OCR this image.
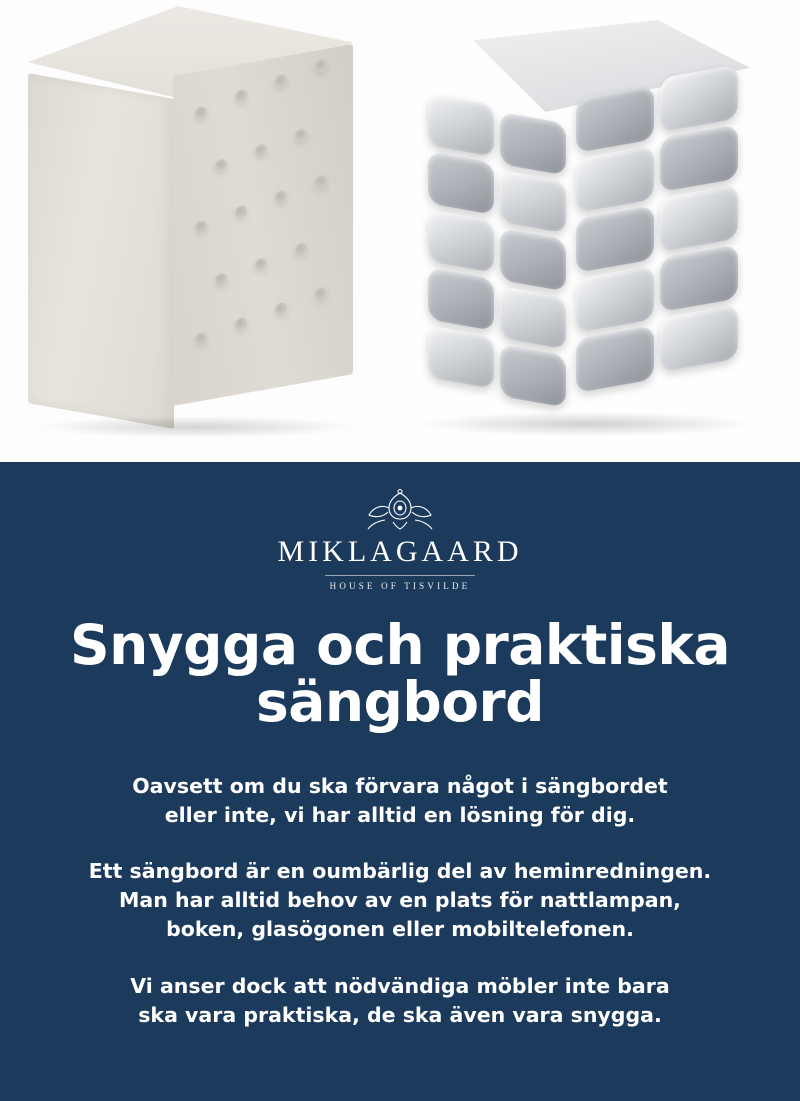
MIKLAGAARD
HOUSE OF TISVILDE
Snygga och praktiska sängbord

Oavsett om du ska förvara något i sängbordet
eller inte, vi har alltid en lösning för dig.

Ett sängbord är en oumbärlig del av heminredningen.
Man har alltid behov av en plats för nattlampan,
boken, glasögonen eller mobiltelefonen.

Vi anser dock att nödvändiga möbler inte bara
ska vara praktiska, de ska även vara snygga.
